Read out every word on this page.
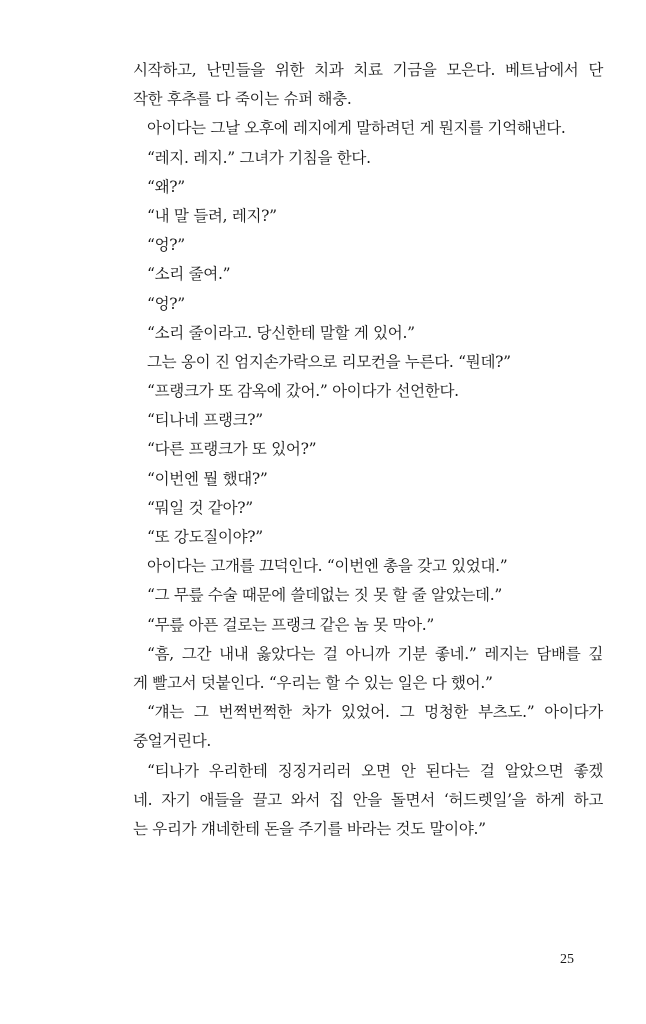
시작하고, 난민들을 위한 치과 치료 기금을 모은다. 베트남에서 단
작한 후추를 다 죽이는 슈퍼 해충.
아이다는 그날 오후에 레지에게 말하려던 게 뭔지를 기억해낸다.
“레지. 레지.” 그녀가 기침을 한다.
“왜?”
“내 말 들려, 레지?”
“엉?”
“소리 줄여.”
“엉?”
“소리 줄이라고. 당신한테 말할 게 있어.”
그는 옹이 진 엄지손가락으로 리모컨을 누른다. “뭔데?”
“프랭크가 또 감옥에 갔어.” 아이다가 선언한다.
“티나네 프랭크?”
“다른 프랭크가 또 있어?”
“이번엔 뭘 했대?”
“뭐일 것 같아?”
“또 강도질이야?”
아이다는 고개를 끄덕인다. “이번엔 총을 갖고 있었대.”
“그 무릎 수술 때문에 쓸데없는 짓 못 할 줄 알았는데.”
“무릎 아픈 걸로는 프랭크 같은 놈 못 막아.”
“흠, 그간 내내 옳았다는 걸 아니까 기분 좋네.” 레지는 담배를 깊
게 빨고서 덧붙인다. “우리는 할 수 있는 일은 다 했어.”
“걔는 그 번쩍번쩍한 차가 있었어. 그 멍청한 부츠도.” 아이다가
중얼거린다.
“티나가 우리한테 징징거리러 오면 안 된다는 걸 알았으면 좋겠
네. 자기 애들을 끌고 와서 집 안을 돌면서 ‘허드렛일’을 하게 하고
는 우리가 걔네한테 돈을 주기를 바라는 것도 말이야.”
25
